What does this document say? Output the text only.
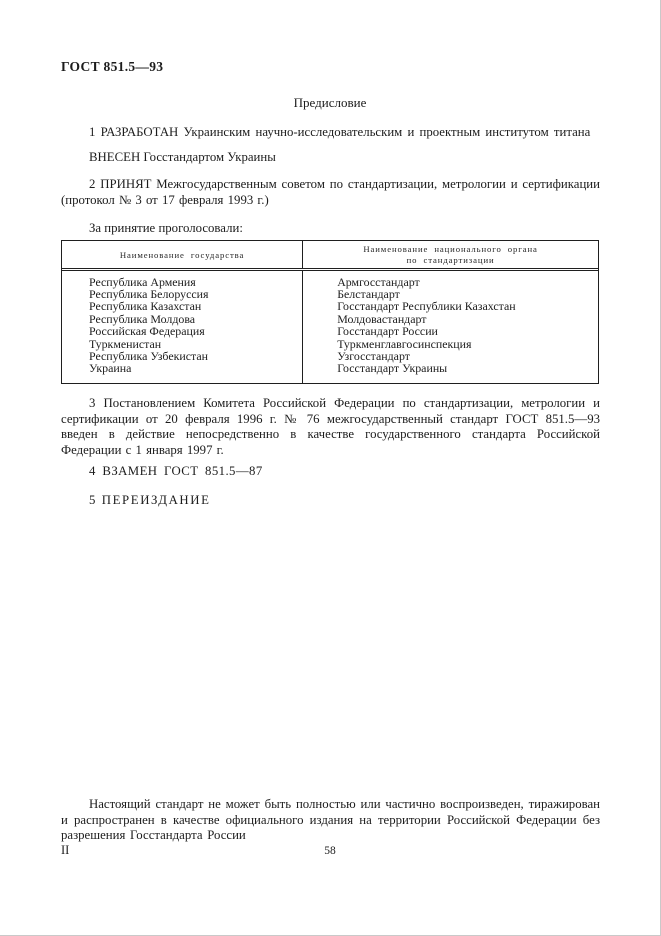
ГОСТ 851.5—93
Предисловие

1 РАЗРАБОТАН Украинским научно-исследовательским и проектным институтом титана

ВНЕСЕН Госстандартом Украины

2 ПРИНЯТ Межгосударственным советом по стандартизации, метрологии и сертификации (протокол № 3 от 17 февраля 1993 г.)

За принятие проголосовали:

Наименование государства
Наименование национального органа
по стандартизации
Республика Армения
Республика Белоруссия
Республика Казахстан
Республика Молдова
Российская Федерация
Туркменистан
Республика Узбекистан
Украина
Армгосстандарт
Белстандарт
Госстандарт Республики Казахстан
Молдовастандарт
Госстандарт России
Туркменглавгосинспекция
Узгосстандарт
Госстандарт Украины

3 Постановлением Комитета Российской Федерации по стандартизации, метрологии и сертификации от 20 февраля 1996 г. № 76 межгосударственный стандарт ГОСТ 851.5—93 введен в действие непосредственно в качестве государственного стандарта Российской Федерации с 1 января 1997 г.

4 ВЗАМЕН ГОСТ 851.5—87

5 ПЕРЕИЗДАНИЕ

Настоящий стандарт не может быть полностью или частично воспроизведен, тиражирован и распространен в качестве официального издания на территории Российской Федерации без разрешения Госстандарта России

II	58
